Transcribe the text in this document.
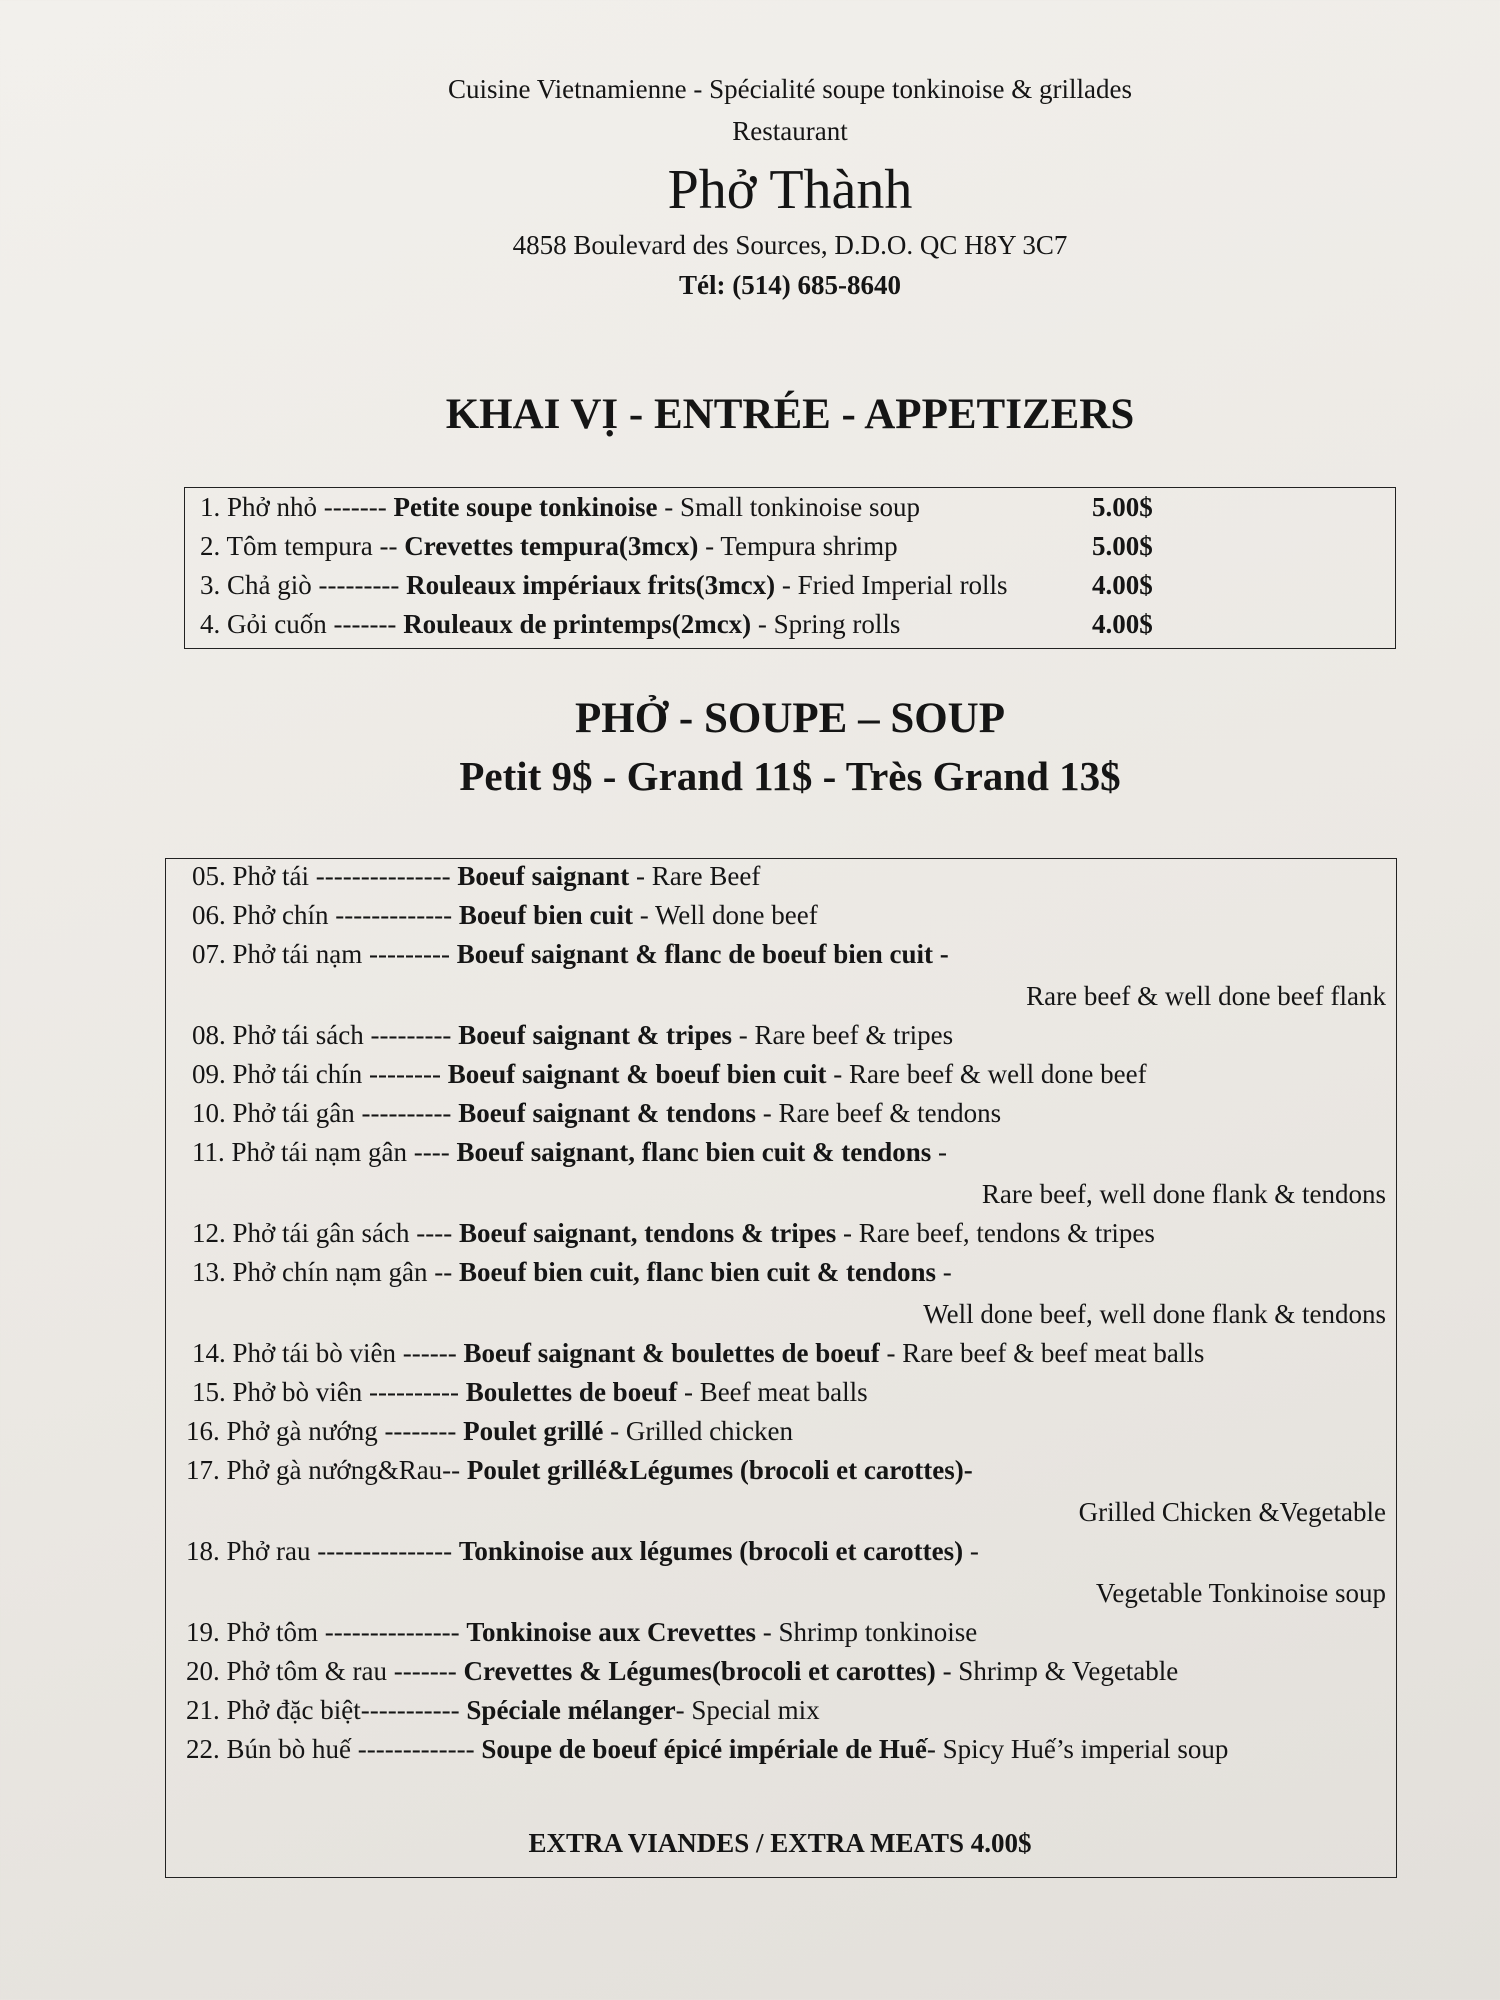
Cuisine Vietnamienne - Spécialité soupe tonkinoise & grillades
Restaurant
Phở Thành
4858 Boulevard des Sources, D.D.O. QC H8Y 3C7
Tél: (514) 685-8640
KHAI VỊ - ENTRÉE - APPETIZERS
PHỞ - SOUPE – SOUP
Petit 9$ - Grand 11$ - Très Grand 13$
EXTRA VIANDES / EXTRA MEATS 4.00$
1. Phở nhỏ ------- Petite soupe tonkinoise - Small tonkinoise soup	5.00$
2. Tôm tempura -- Crevettes tempura(3mcx) - Tempura shrimp	5.00$
3. Chả giò --------- Rouleaux impériaux frits(3mcx) - Fried Imperial rolls	4.00$
4. Gỏi cuốn ------- Rouleaux de printemps(2mcx) - Spring rolls	4.00$
05. Phở tái --------------- Boeuf saignant - Rare Beef
06. Phở chín ------------- Boeuf bien cuit - Well done beef
07. Phở tái nạm --------- Boeuf saignant & flanc de boeuf bien cuit -
Rare beef & well done beef flank
08. Phở tái sách --------- Boeuf saignant & tripes - Rare beef & tripes
09. Phở tái chín -------- Boeuf saignant & boeuf bien cuit - Rare beef & well done beef
10. Phở tái gân ---------- Boeuf saignant & tendons - Rare beef & tendons
11. Phở tái nạm gân ---- Boeuf saignant, flanc bien cuit & tendons -
Rare beef, well done flank & tendons
12. Phở tái gân sách ---- Boeuf saignant, tendons & tripes - Rare beef, tendons & tripes
13. Phở chín nạm gân -- Boeuf bien cuit, flanc bien cuit & tendons -
Well done beef, well done flank & tendons
14. Phở tái bò viên ------ Boeuf saignant & boulettes de boeuf - Rare beef & beef meat balls
15. Phở bò viên ---------- Boulettes de boeuf - Beef meat balls
16. Phở gà nướng -------- Poulet grillé - Grilled chicken
17. Phở gà nướng&Rau-- Poulet grillé&Légumes (brocoli et carottes)-
Grilled Chicken &Vegetable
18. Phở rau --------------- Tonkinoise aux légumes (brocoli et carottes) -
Vegetable Tonkinoise soup
19. Phở tôm --------------- Tonkinoise aux Crevettes - Shrimp tonkinoise
20. Phở tôm & rau ------- Crevettes & Légumes(brocoli et carottes) - Shrimp & Vegetable
21. Phở đặc biệt----------- Spéciale mélanger- Special mix
22. Bún bò huế ------------- Soupe de boeuf épicé impériale de Huế- Spicy Huế’s imperial soup
